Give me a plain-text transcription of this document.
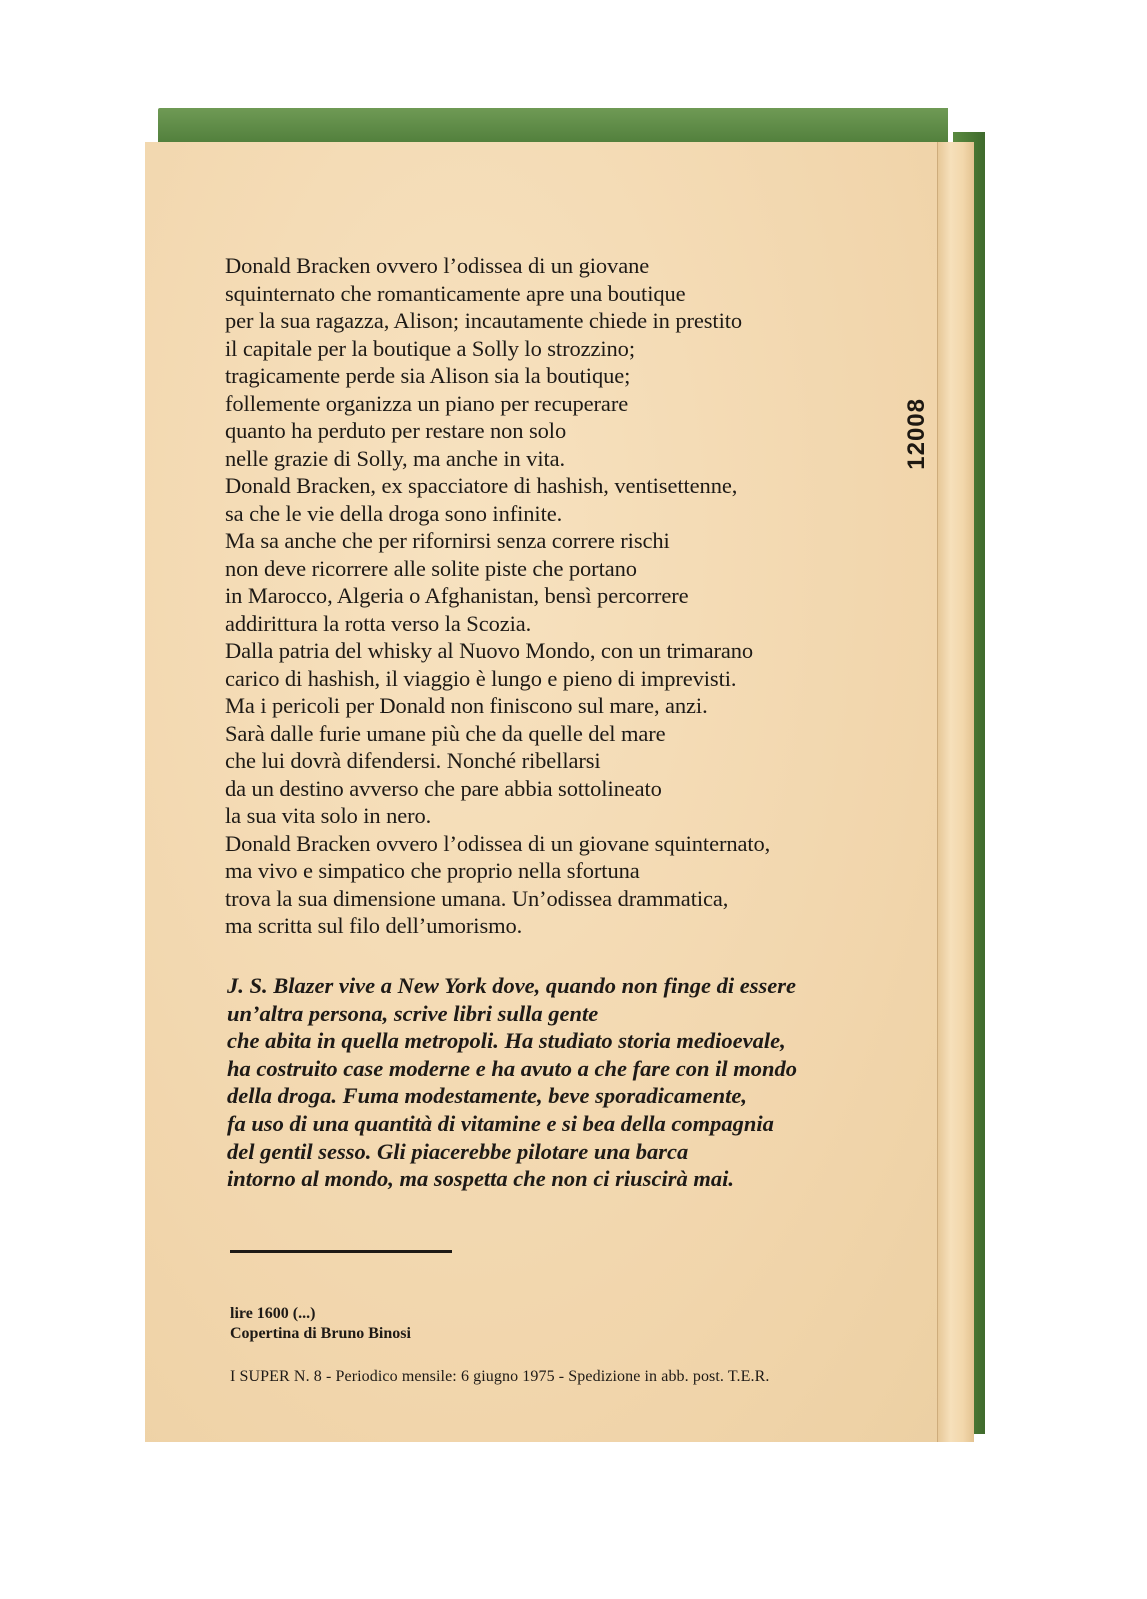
Donald Bracken ovvero l’odissea di un giovane
squinternato che romanticamente apre una boutique
per la sua ragazza, Alison; incautamente chiede in prestito
il capitale per la boutique a Solly lo strozzino;
tragicamente perde sia Alison sia la boutique;
follemente organizza un piano per recuperare
quanto ha perduto per restare non solo
nelle grazie di Solly, ma anche in vita.
Donald Bracken, ex spacciatore di hashish, ventisettenne,
sa che le vie della droga sono infinite.
Ma sa anche che per rifornirsi senza correre rischi
non deve ricorrere alle solite piste che portano
in Marocco, Algeria o Afghanistan, bensì percorrere
addirittura la rotta verso la Scozia.
Dalla patria del whisky al Nuovo Mondo, con un trimarano
carico di hashish, il viaggio è lungo e pieno di imprevisti.
Ma i pericoli per Donald non finiscono sul mare, anzi.
Sarà dalle furie umane più che da quelle del mare
che lui dovrà difendersi. Nonché ribellarsi
da un destino avverso che pare abbia sottolineato
la sua vita solo in nero.
Donald Bracken ovvero l’odissea di un giovane squinternato,
ma vivo e simpatico che proprio nella sfortuna
trova la sua dimensione umana. Un’odissea drammatica,
ma scritta sul filo dell’umorismo.
J. S. Blazer vive a New York dove, quando non finge di essere
un’altra persona, scrive libri sulla gente
che abita in quella metropoli. Ha studiato storia medioevale,
ha costruito case moderne e ha avuto a che fare con il mondo
della droga. Fuma modestamente, beve sporadicamente,
fa uso di una quantità di vitamine e si bea della compagnia
del gentil sesso. Gli piacerebbe pilotare una barca
intorno al mondo, ma sospetta che non ci riuscirà mai.
lire 1600 (...)
Copertina di Bruno Binosi
I SUPER N. 8 - Periodico mensile: 6 giugno 1975 - Spedizione in abb. post. T.E.R.
12008
